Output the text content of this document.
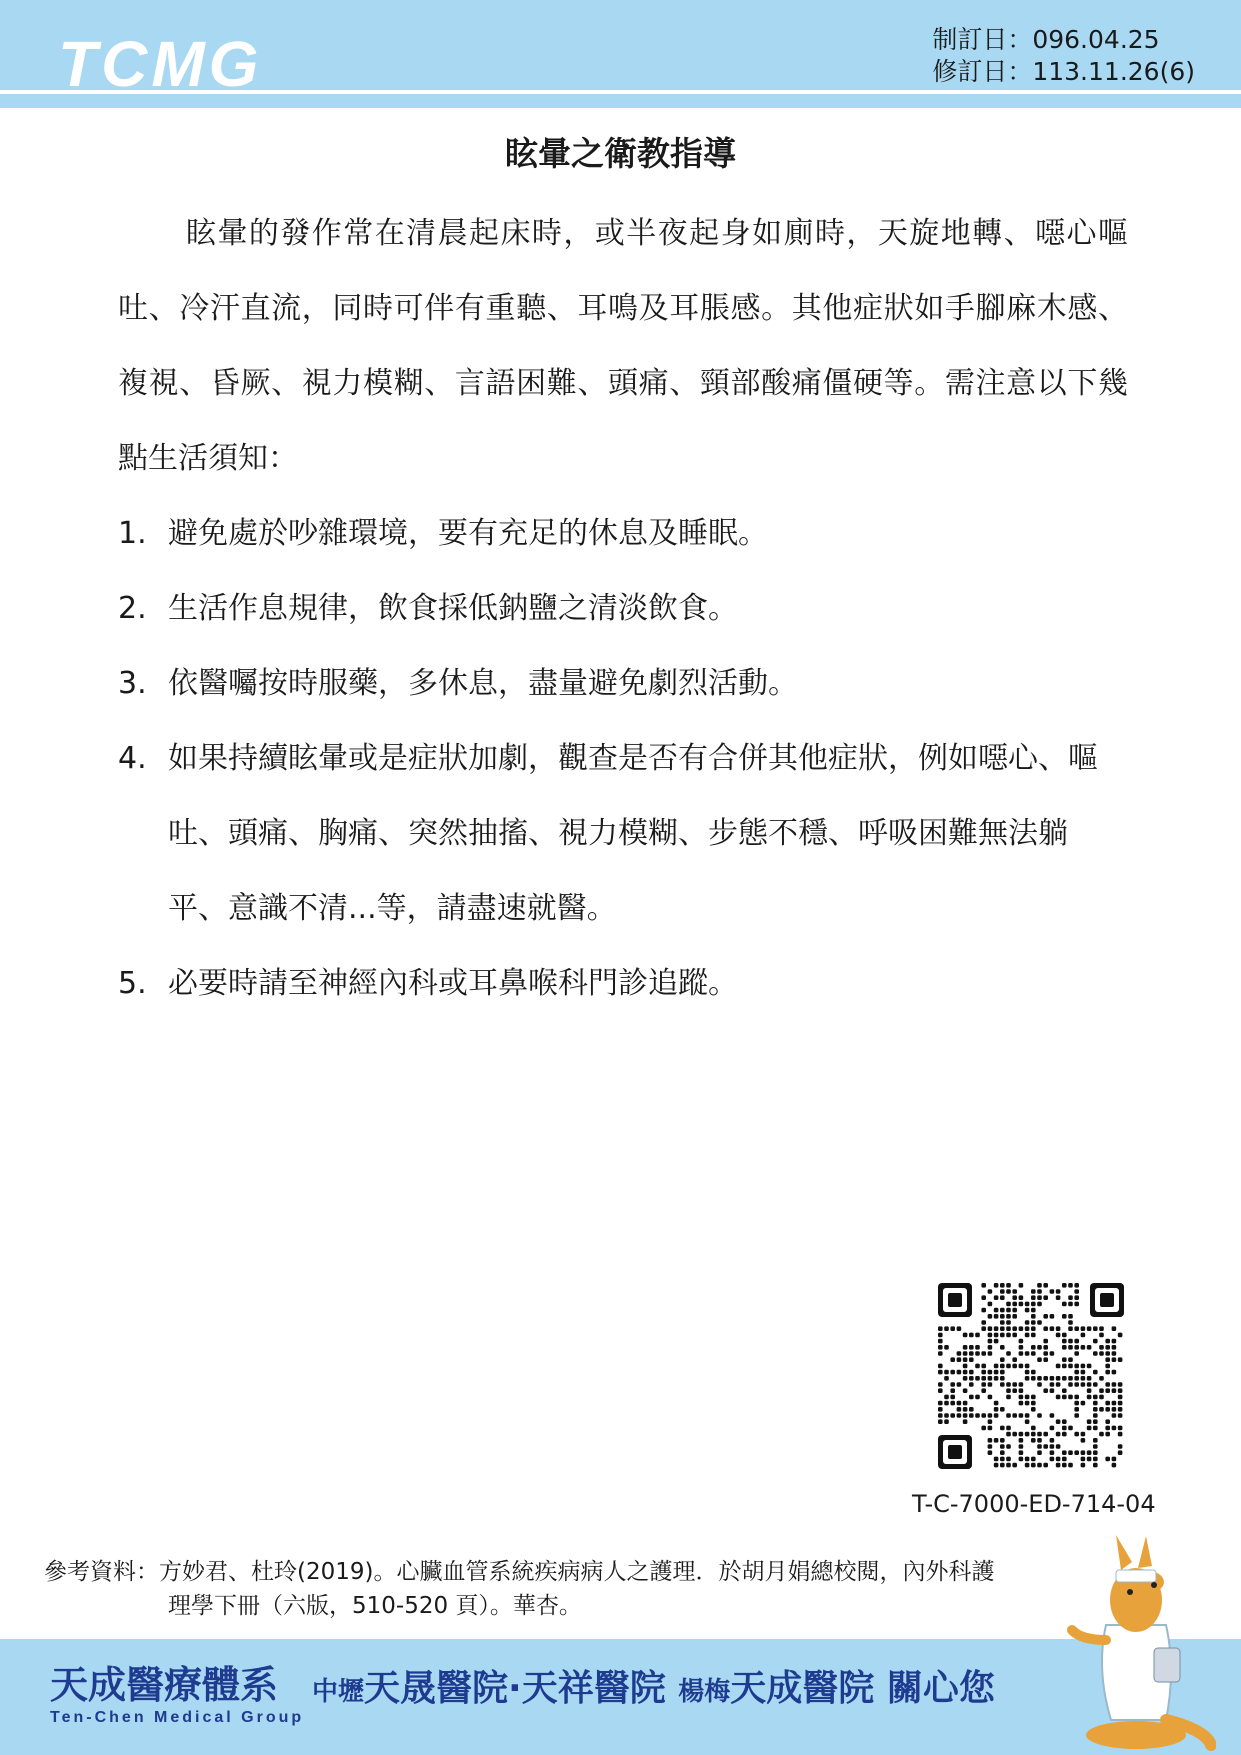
TCMG	制訂日：096.04.25
修訂日：113.11.26(6)
眩暈之衛教指導
眩暈的發作常在清晨起床時，或半夜起身如廁時，天旋地轉、噁心嘔吐、冷汗直流，同時可伴有重聽、耳鳴及耳脹感。其他症狀如手腳麻木感、複視、昏厥、視力模糊、言語困難、頭痛、頸部酸痛僵硬等。需注意以下幾點生活須知：
1. 避免處於吵雜環境，要有充足的休息及睡眠。
2. 生活作息規律，飲食採低鈉鹽之清淡飲食。
3. 依醫囑按時服藥，多休息，盡量避免劇烈活動。
4. 如果持續眩暈或是症狀加劇，觀查是否有合併其他症狀，例如噁心、嘔吐、頭痛、胸痛、突然抽搐、視力模糊、步態不穩、呼吸困難無法躺平、意識不清...等，請盡速就醫。
5. 必要時請至神經內科或耳鼻喉科門診追蹤。
T-C-7000-ED-714-04
參考資料：方妙君、杜玲(2019)。心臟血管系統疾病病人之護理．於胡月娟總校閱，內外科護
理學下冊（六版，510-520 頁）。華杏。
天成醫療體系
Ten-Chen Medical Group
中壢天晟醫院·天祥醫院 楊梅天成醫院 關心您
